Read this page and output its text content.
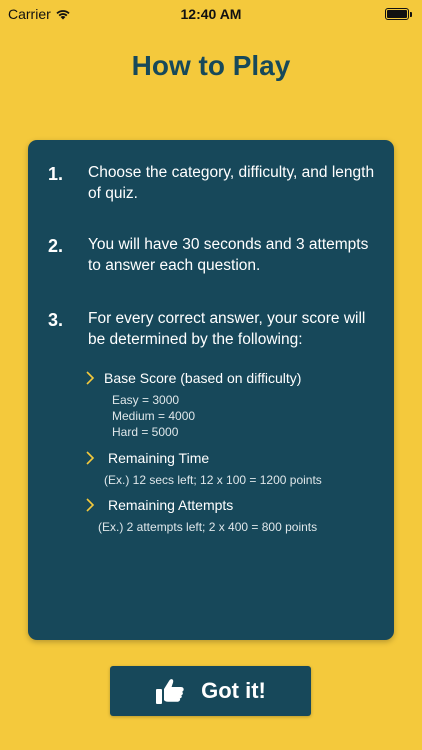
Carrier	12:40 AM
How to Play
1.	Choose the category, difficulty, and length of quiz.
2.	You will have 30 seconds and 3 attempts to answer each question.
3.	For every correct answer, your score will be determined by the following:
Base Score (based on difficulty)
Easy = 3000
Medium = 4000
Hard = 5000
Remaining Time
(Ex.) 12 secs left; 12 x 100 = 1200 points
Remaining Attempts
(Ex.) 2 attempts left; 2 x 400 = 800 points
Got it!
